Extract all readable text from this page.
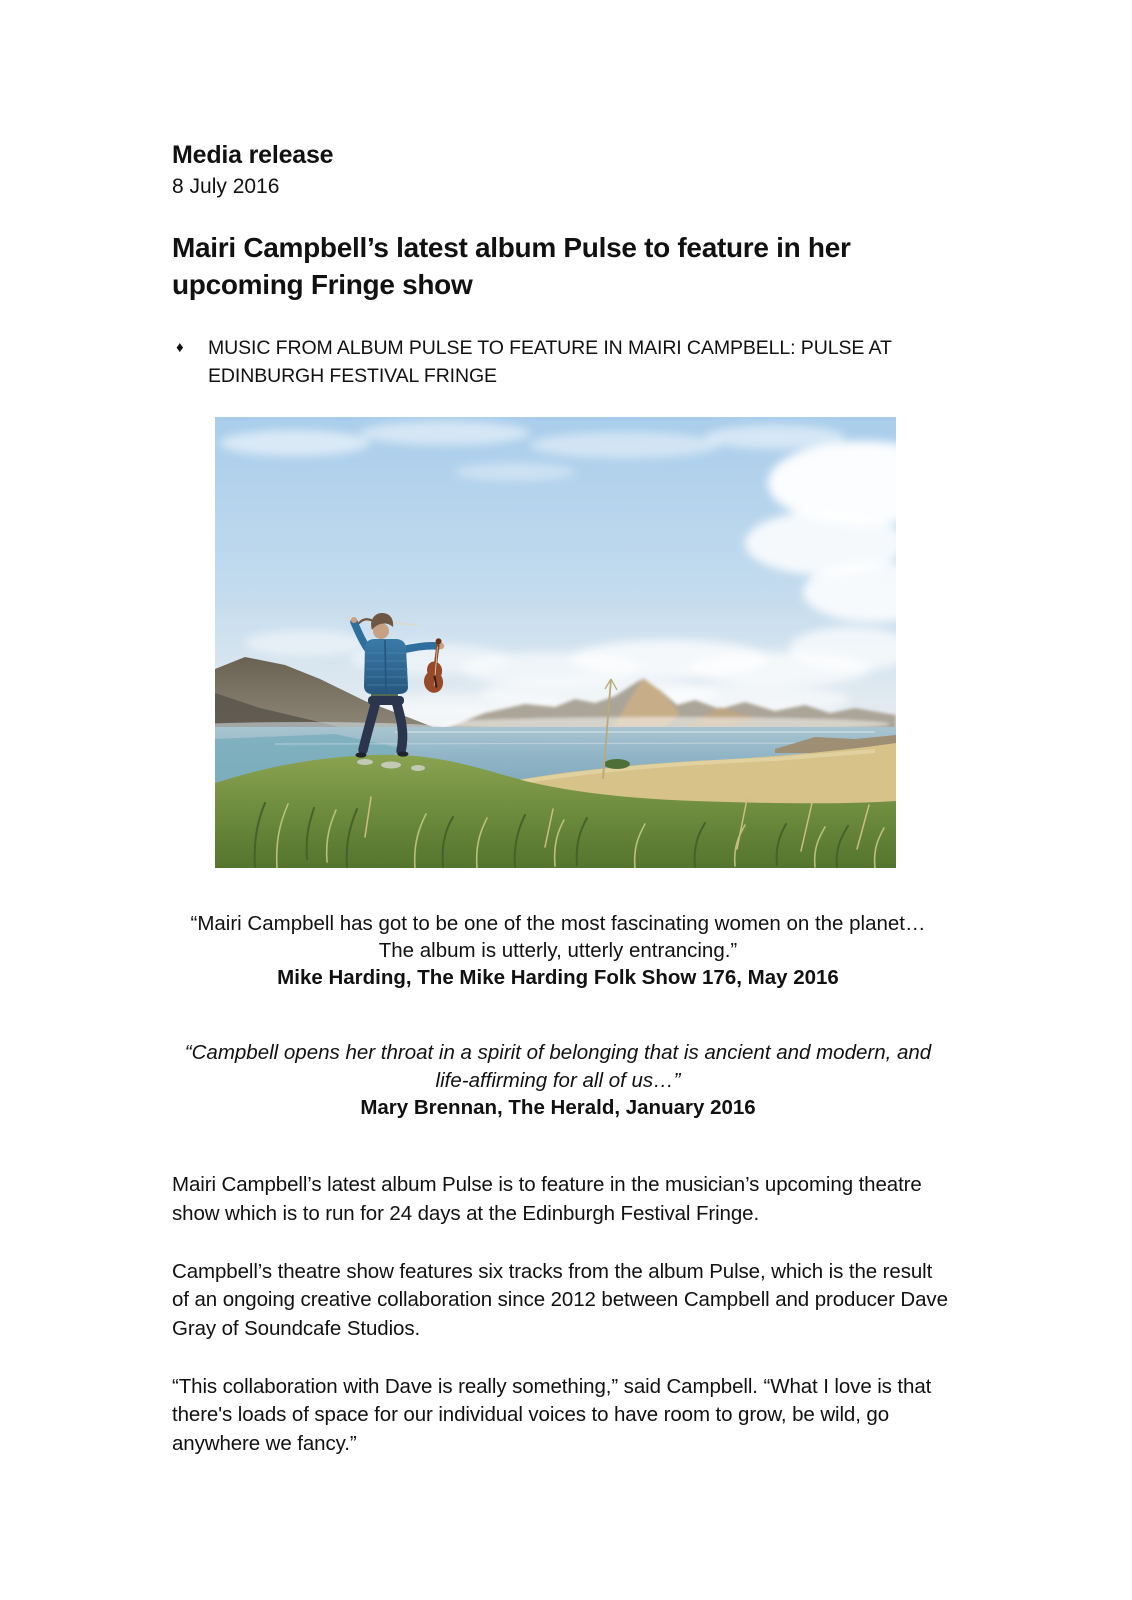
Media release
8 July 2016
Mairi Campbell’s latest album Pulse to feature in her upcoming Fringe show
♦	MUSIC FROM ALBUM PULSE TO FEATURE IN MAIRI CAMPBELL: PULSE AT EDINBURGH FESTIVAL FRINGE
“Mairi Campbell has got to be one of the most fascinating women on the planet… The album is utterly, utterly entrancing.”
Mike Harding, The Mike Harding Folk Show 176, May 2016
“Campbell opens her throat in a spirit of belonging that is ancient and modern, and life-affirming for all of us…”
Mary Brennan, The Herald, January 2016

Mairi Campbell’s latest album Pulse is to feature in the musician’s upcoming theatre show which is to run for 24 days at the Edinburgh Festival Fringe.

Campbell’s theatre show features six tracks from the album Pulse, which is the result of an ongoing creative collaboration since 2012 between Campbell and producer Dave Gray of Soundcafe Studios.

“This collaboration with Dave is really something,” said Campbell. “What I love is that there's loads of space for our individual voices to have room to grow, be wild, go anywhere we fancy.”
